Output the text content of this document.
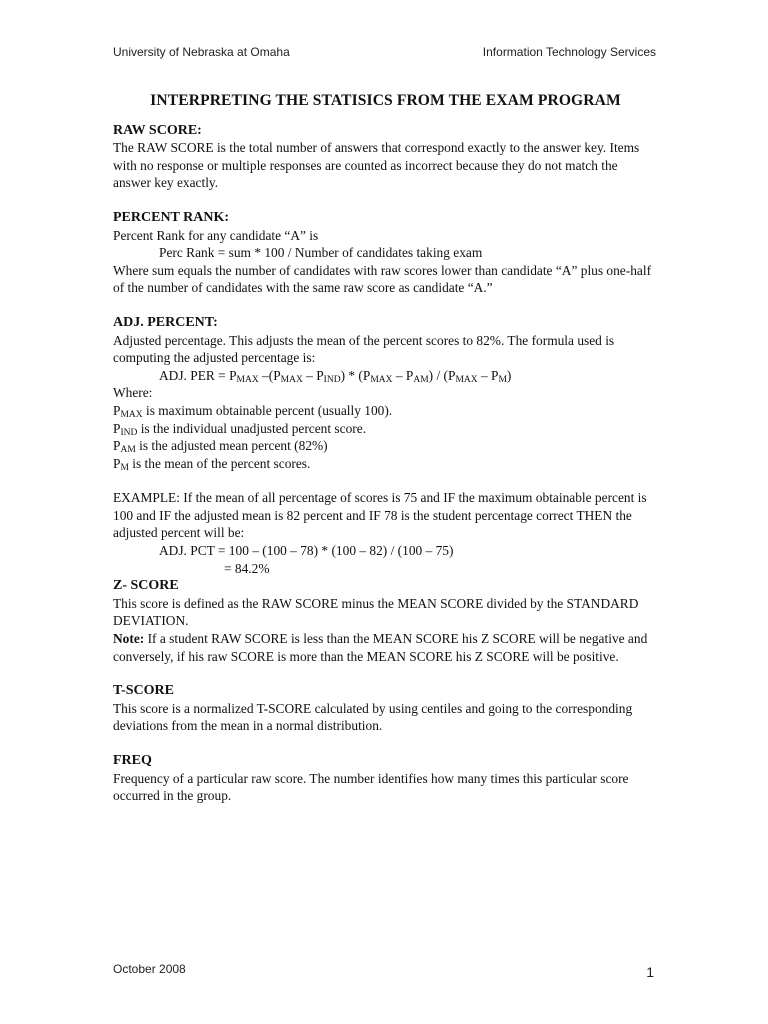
University of Nebraska at Omaha	Information Technology Services
INTERPRETING THE STATISICS FROM THE EXAM PROGRAM

RAW SCORE:

The RAW SCORE is the total number of answers that correspond exactly to the answer key. Items with no response or multiple responses are counted as incorrect because they do not match the answer key exactly.

PERCENT RANK:

Percent Rank for any candidate “A” is

Perc Rank = sum * 100 / Number of candidates taking exam

Where sum equals the number of candidates with raw scores lower than candidate “A” plus one-half of the number of candidates with the same raw score as candidate “A.”

ADJ. PERCENT:

Adjusted percentage. This adjusts the mean of the percent scores to 82%. The formula used is computing the adjusted percentage is:

ADJ. PER = $P_{MAX}$ $-(P_{MAX} - P_{IND}) * (P_{MAX} - P_{AM}) / (P_{MAX} - P_M)$

Where:

$P_{MAX}$ is maximum obtainable percent (usually 100).

$P_{IND}$ is the individual unadjusted percent score.

$P_{AM}$ is the adjusted mean percent (82%)

$P_M$ is the mean of the percent scores.

EXAMPLE: If the mean of all percentage of scores is 75 and IF the maximum obtainable percent is 100 and IF the adjusted mean is 82 percent and IF 78 is the student percentage correct THEN the adjusted percent will be:

ADJ. PCT = 100 – (100 – 78) * (100 – 82) / (100 – 75)

= 84.2%

Z- SCORE

This score is defined as the RAW SCORE minus the MEAN SCORE divided by the STANDARD DEVIATION.

Note: If a student RAW SCORE is less than the MEAN SCORE his Z SCORE will be negative and conversely, if his raw SCORE is more than the MEAN SCORE his Z SCORE will be positive.

T-SCORE

This score is a normalized T-SCORE calculated by using centiles and going to the corresponding deviations from the mean in a normal distribution.

FREQ

Frequency of a particular raw score. The number identifies how many times this particular score occurred in the group.

October 2008	1
